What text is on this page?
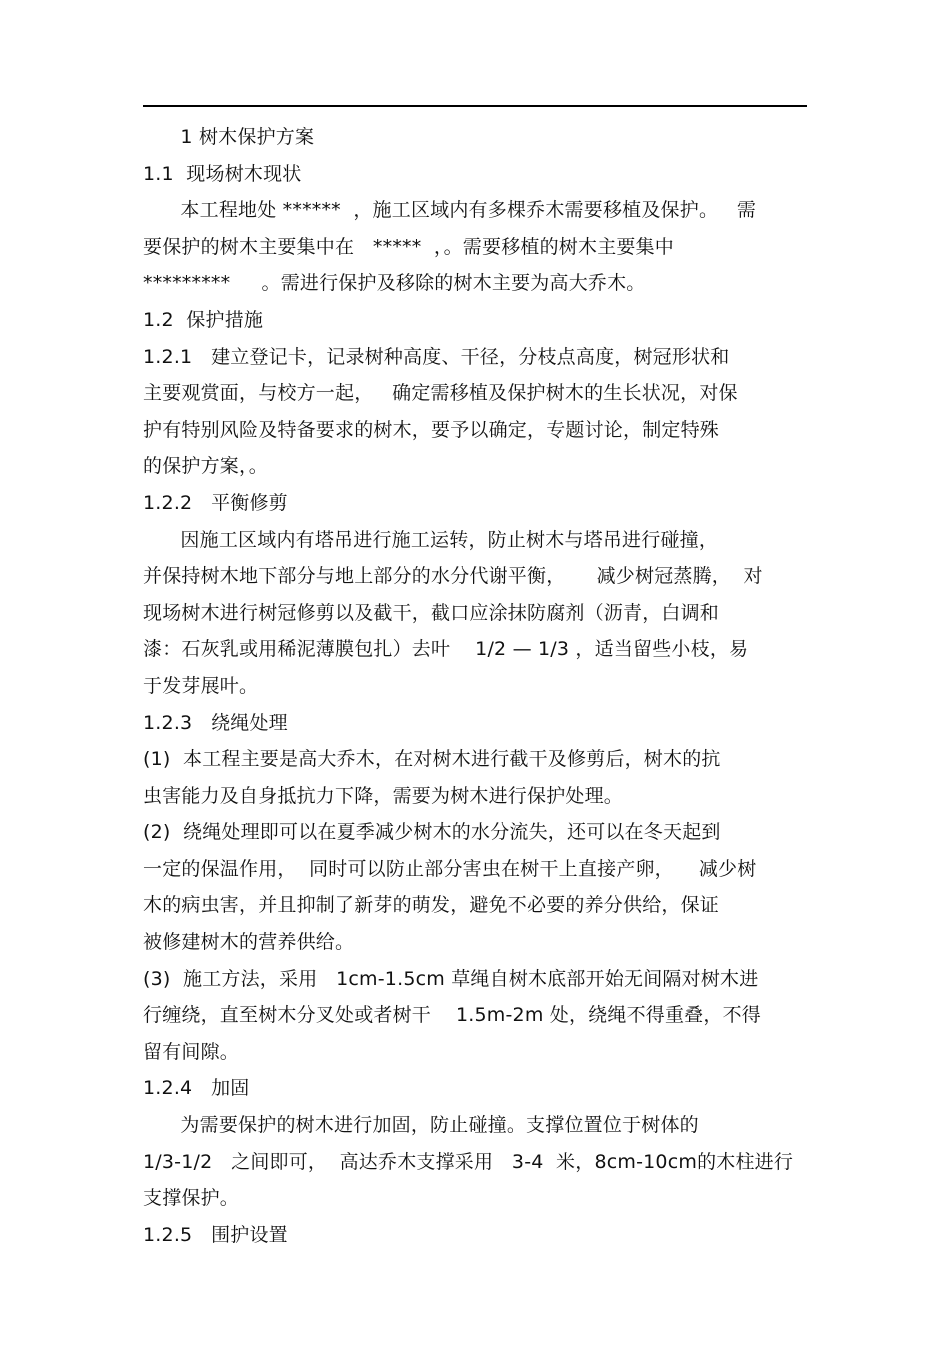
1 树木保护方案
1.1  现场树木现状
本工程地处 ******  ，施工区域内有多棵乔木需要移植及保护。   需
要保护的树木主要集中在   *****  ，。需要移植的树木主要集中
*********     。需进行保护及移除的树木主要为高大乔木。
1.2  保护措施
1.2.1   建立登记卡，记录树种高度、干径，分枝点高度，树冠形状和
主要观赏面，与校方一起，   确定需移植及保护树木的生长状况，对保
护有特别风险及特备要求的树木，要予以确定，专题讨论，制定特殊
的保护方案，。
1.2.2   平衡修剪
因施工区域内有塔吊进行施工运转，防止树木与塔吊进行碰撞，
并保持树木地下部分与地上部分的水分代谢平衡，     减少树冠蒸腾，  对
现场树木进行树冠修剪以及截干，截口应涂抹防腐剂（沥青，白调和
漆：石灰乳或用稀泥薄膜包扎）去叶    1/2 — 1/3 ，适当留些小枝，易
于发芽展叶。
1.2.3   绕绳处理
(1)  本工程主要是高大乔木，在对树木进行截干及修剪后，树木的抗
虫害能力及自身抵抗力下降，需要为树木进行保护处理。
(2)  绕绳处理即可以在夏季减少树木的水分流失，还可以在冬天起到
一定的保温作用，  同时可以防止部分害虫在树干上直接产卵，    减少树
木的病虫害，并且抑制了新芽的萌发，避免不必要的养分供给，保证
被修建树木的营养供给。
(3)  施工方法，采用   1cm-1.5cm 草绳自树木底部开始无间隔对树木进
行缠绕，直至树木分叉处或者树干    1.5m-2m 处，绕绳不得重叠，不得
留有间隙。
1.2.4   加固
为需要保护的树木进行加固，防止碰撞。支撑位置位于树体的
1/3-1/2   之间即可，  高达乔木支撑采用   3-4  米，8cm-10cm的木柱进行
支撑保护。
1.2.5   围护设置
